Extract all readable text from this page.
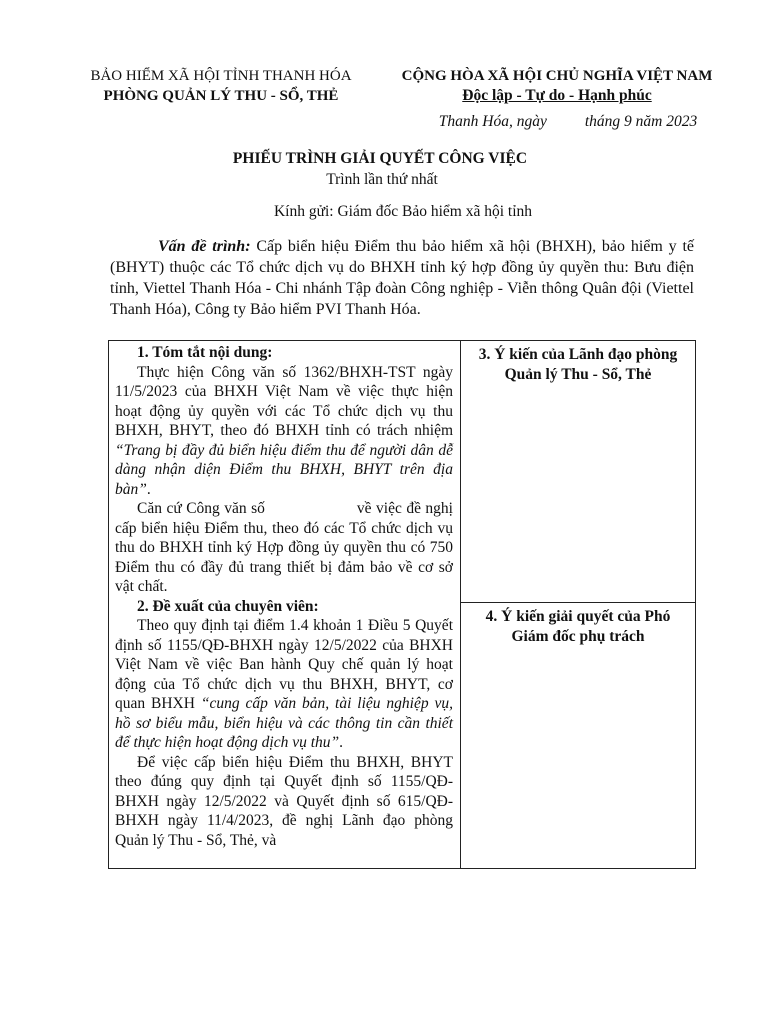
BẢO HIỂM XÃ HỘI TỈNH THANH HÓA
PHÒNG QUẢN LÝ THU - SỔ, THẺ
CỘNG HÒA XÃ HỘI CHỦ NGHĨA VIỆT NAM
Độc lập - Tự do - Hạnh phúc
Thanh Hóa, ngày tháng 9 năm 2023
PHIẾU TRÌNH GIẢI QUYẾT CÔNG VIỆC
Trình lần thứ nhất
Kính gửi: Giám đốc Bảo hiểm xã hội tỉnh
Vấn đề trình: Cấp biển hiệu Điểm thu bảo hiểm xã hội (BHXH), bảo hiểm y tế (BHYT) thuộc các Tổ chức dịch vụ do BHXH tỉnh ký hợp đồng ủy quyền thu: Bưu điện tỉnh, Viettel Thanh Hóa - Chi nhánh Tập đoàn Công nghiệp - Viễn thông Quân đội (Viettel Thanh Hóa), Công ty Bảo hiểm PVI Thanh Hóa.

1. Tóm tắt nội dung:

Thực hiện Công văn số 1362/BHXH-TST ngày 11/5/2023 của BHXH Việt Nam về việc thực hiện hoạt động ủy quyền với các Tổ chức dịch vụ thu BHXH, BHYT, theo đó BHXH tỉnh có trách nhiệm “Trang bị đầy đủ biển hiệu điểm thu để người dân dễ dàng nhận diện Điểm thu BHXH, BHYT trên địa bàn”.

Căn cứ Công văn số	về việc đề nghị cấp biển hiệu Điểm thu, theo đó các Tổ chức dịch vụ thu do BHXH tỉnh ký Hợp đồng ủy quyền thu có 750 Điểm thu có đầy đủ trang thiết bị đảm bảo về cơ sở vật chất.

2. Đề xuất của chuyên viên:

Theo quy định tại điểm 1.4 khoản 1 Điều 5 Quyết định số 1155/QĐ-BHXH ngày 12/5/2022 của BHXH Việt Nam về việc Ban hành Quy chế quản lý hoạt động của Tổ chức dịch vụ thu BHXH, BHYT, cơ quan BHXH “cung cấp văn bản, tài liệu nghiệp vụ, hồ sơ biểu mẫu, biển hiệu và các thông tin cần thiết để thực hiện hoạt động dịch vụ thu”.

Để việc cấp biển hiệu Điểm thu BHXH, BHYT theo đúng quy định tại Quyết định số 1155/QĐ-BHXH ngày 12/5/2022 và Quyết định số 615/QĐ-BHXH ngày 11/4/2023, đề nghị Lãnh đạo phòng Quản lý Thu - Sổ, Thẻ, và

3. Ý kiến của Lãnh đạo phòng Quản lý Thu - Sổ, Thẻ
4. Ý kiến giải quyết của Phó Giám đốc phụ trách
